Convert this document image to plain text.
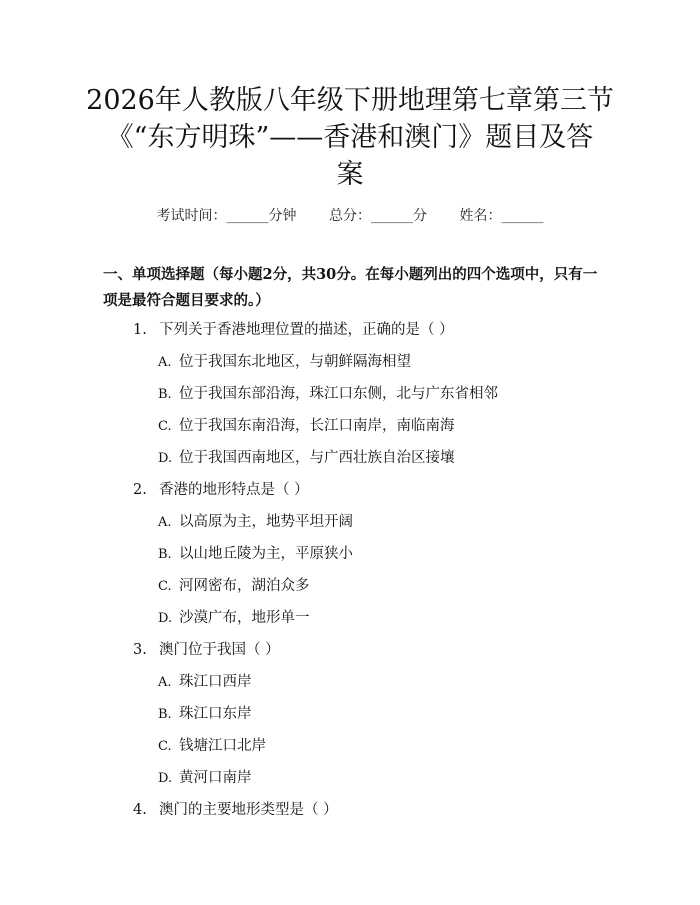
2026年人教版八年级下册地理第七章第三节
《“东方明珠”——香港和澳门》题目及答
案
考试时间：______分钟 总分：______分 姓名：______
一、单项选择题（每小题2分，共30分。在每小题列出的四个选项中，只有一项是最符合题目要求的。）
1. 下列关于香港地理位置的描述，正确的是（ ）
A. 位于我国东北地区，与朝鲜隔海相望
B. 位于我国东部沿海，珠江口东侧，北与广东省相邻
C. 位于我国东南沿海，长江口南岸，南临南海
D. 位于我国西南地区，与广西壮族自治区接壤
2. 香港的地形特点是（ ）
A. 以高原为主，地势平坦开阔
B. 以山地丘陵为主，平原狭小
C. 河网密布，湖泊众多
D. 沙漠广布，地形单一
3. 澳门位于我国（ ）
A. 珠江口西岸
B. 珠江口东岸
C. 钱塘江口北岸
D. 黄河口南岸
4. 澳门的主要地形类型是（ ）
